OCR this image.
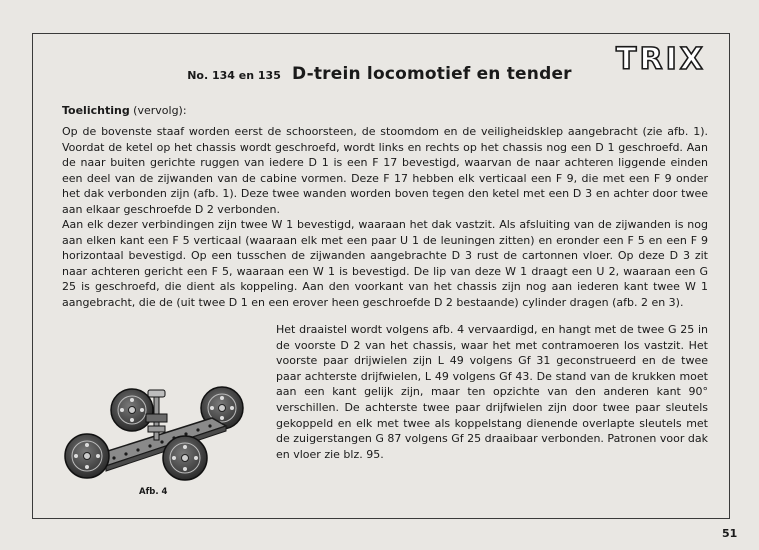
TRIX
No. 134 en 135 D-trein locomotief en tender
Toelichting (vervolg):

Op de bovenste staaf worden eerst de schoorsteen, de stoomdom en de veiligheidsklep aangebracht (zie afb. 1). Voordat de ketel op het chassis wordt geschroefd, wordt links en rechts op het chassis nog een D 1 geschroefd. Aan de naar buiten gerichte ruggen van iedere D 1 is een F 17 bevestigd, waarvan de naar achteren liggende einden een deel van de zijwanden van de cabine vormen. Deze F 17 hebben elk verticaal een F 9, die met een F 9 onder het dak verbonden zijn (afb. 1). Deze twee wanden worden boven tegen den ketel met een D 3 en achter door twee aan elkaar geschroefde D 2 verbonden.

Aan elk dezer verbindingen zijn twee W 1 bevestigd, waaraan het dak vastzit. Als afsluiting van de zijwanden is nog aan elken kant een F 5 verticaal (waaraan elk met een paar U 1 de leuningen zitten) en eronder een F 5 en een F 9 horizontaal bevestigd. Op een tusschen de zijwanden aangebrachte D 3 rust de cartonnen vloer. Op deze D 3 zit naar achteren gericht een F 5, waaraan een W 1 is bevestigd. De lip van deze W 1 draagt een U 2, waaraan een G 25 is geschroefd, die dient als koppeling. Aan den voorkant van het chassis zijn nog aan iederen kant twee W 1 aangebracht, die de (uit twee D 1 en een erover heen geschroefde D 2 bestaande) cylinder dragen (afb. 2 en 3).

Het draaistel wordt volgens afb. 4 vervaardigd, en hangt met de twee G 25 in de voorste D 2 van het chassis, waar het met contramoeren los vastzit. Het voorste paar drijwielen zijn L 49 volgens Gf 31 geconstrueerd en de twee paar achterste drijfwielen, L 49 volgens Gf 43. De stand van de krukken moet aan een kant gelijk zijn, maar ten opzichte van den anderen kant 90° verschillen. De achterste twee paar drijfwielen zijn door twee paar sleutels gekoppeld en elk met twee als koppelstang dienende overlapte sleutels met de zuigerstangen G 87 volgens Gf 25 draaibaar verbonden. Patronen voor dak en vloer zie blz. 95.

Afb. 4
51
